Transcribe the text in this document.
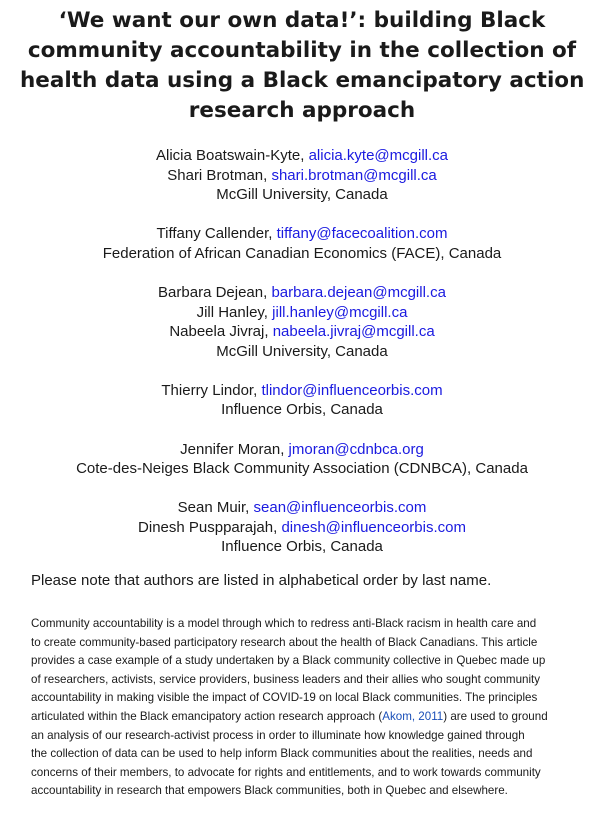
‘We want our own data!’: building Black
community accountability in the collection of
health data using a Black emancipatory action
research approach
Alicia Boatswain-Kyte, alicia.kyte@mcgill.ca
Shari Brotman, shari.brotman@mcgill.ca
McGill University, Canada
Tiffany Callender, tiffany@facecoalition.com
Federation of African Canadian Economics (FACE), Canada
Barbara Dejean, barbara.dejean@mcgill.ca
Jill Hanley, jill.hanley@mcgill.ca
Nabeela Jivraj, nabeela.jivraj@mcgill.ca
McGill University, Canada
Thierry Lindor, tlindor@influenceorbis.com
Influence Orbis, Canada
Jennifer Moran, jmoran@cdnbca.org
Cote-des-Neiges Black Community Association (CDNBCA), Canada
Sean Muir, sean@influenceorbis.com
Dinesh Puspparajah, dinesh@influenceorbis.com
Influence Orbis, Canada

Please note that authors are listed in alphabetical order by last name.

Community accountability is a model through which to redress anti-Black racism in health care and
to create community-based participatory research about the health of Black Canadians. This article
provides a case example of a study undertaken by a Black community collective in Quebec made up
of researchers, activists, service providers, business leaders and their allies who sought community
accountability in making visible the impact of COVID-19 on local Black communities. The principles
articulated within the Black emancipatory action research approach (Akom, 2011) are used to ground
an analysis of our research-activist process in order to illuminate how knowledge gained through
the collection of data can be used to help inform Black communities about the realities, needs and
concerns of their members, to advocate for rights and entitlements, and to work towards community
accountability in research that empowers Black communities, both in Quebec and elsewhere.
